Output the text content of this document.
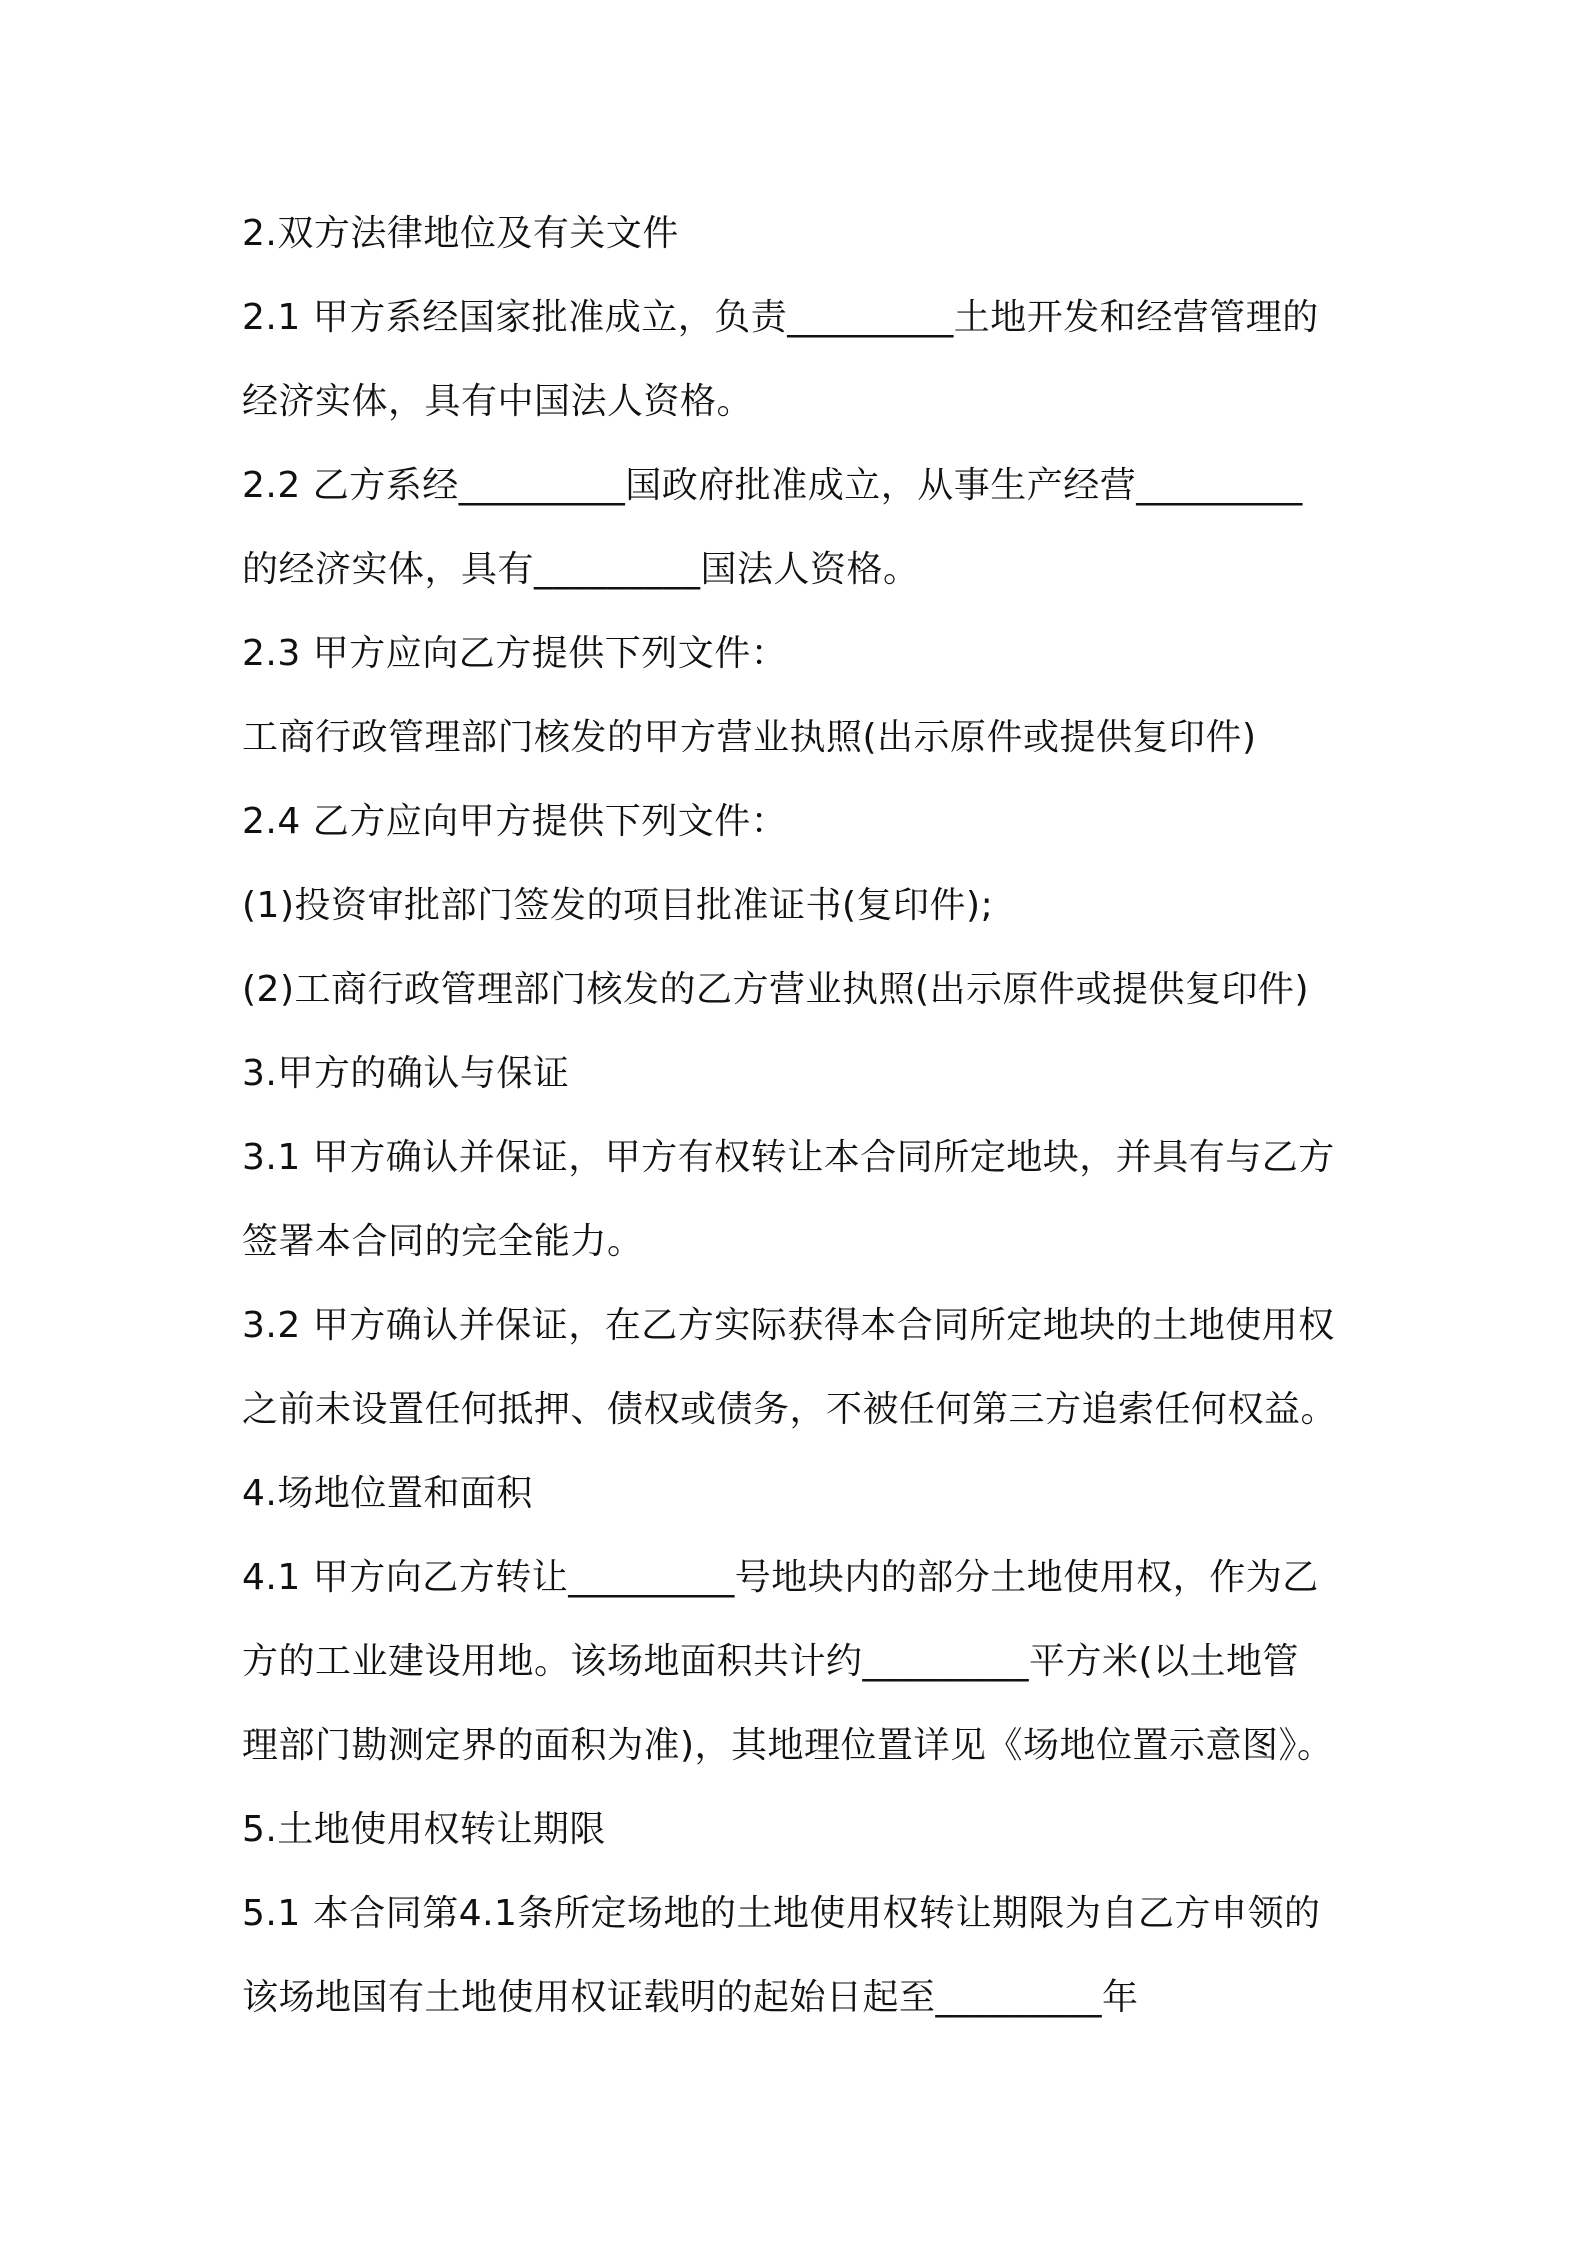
2.双方法律地位及有关文件
2.1 甲方系经国家批准成立，负责_________土地开发和经营管理的
经济实体，具有中国法人资格。
2.2 乙方系经_________国政府批准成立，从事生产经营_________
的经济实体，具有_________国法人资格。
2.3 甲方应向乙方提供下列文件：
工商行政管理部门核发的甲方营业执照(出示原件或提供复印件)
2.4 乙方应向甲方提供下列文件：
(1)投资审批部门签发的项目批准证书(复印件);
(2)工商行政管理部门核发的乙方营业执照(出示原件或提供复印件)
3.甲方的确认与保证
3.1 甲方确认并保证，甲方有权转让本合同所定地块，并具有与乙方
签署本合同的完全能力。
3.2 甲方确认并保证，在乙方实际获得本合同所定地块的土地使用权
之前未设置任何抵押、债权或债务，不被任何第三方追索任何权益。
4.场地位置和面积
4.1 甲方向乙方转让_________号地块内的部分土地使用权，作为乙
方的工业建设用地。该场地面积共计约_________平方米(以土地管
理部门勘测定界的面积为准)，其地理位置详见《场地位置示意图》。
5.土地使用权转让期限
5.1 本合同第4.1条所定场地的土地使用权转让期限为自乙方申领的
该场地国有土地使用权证载明的起始日起至_________年
